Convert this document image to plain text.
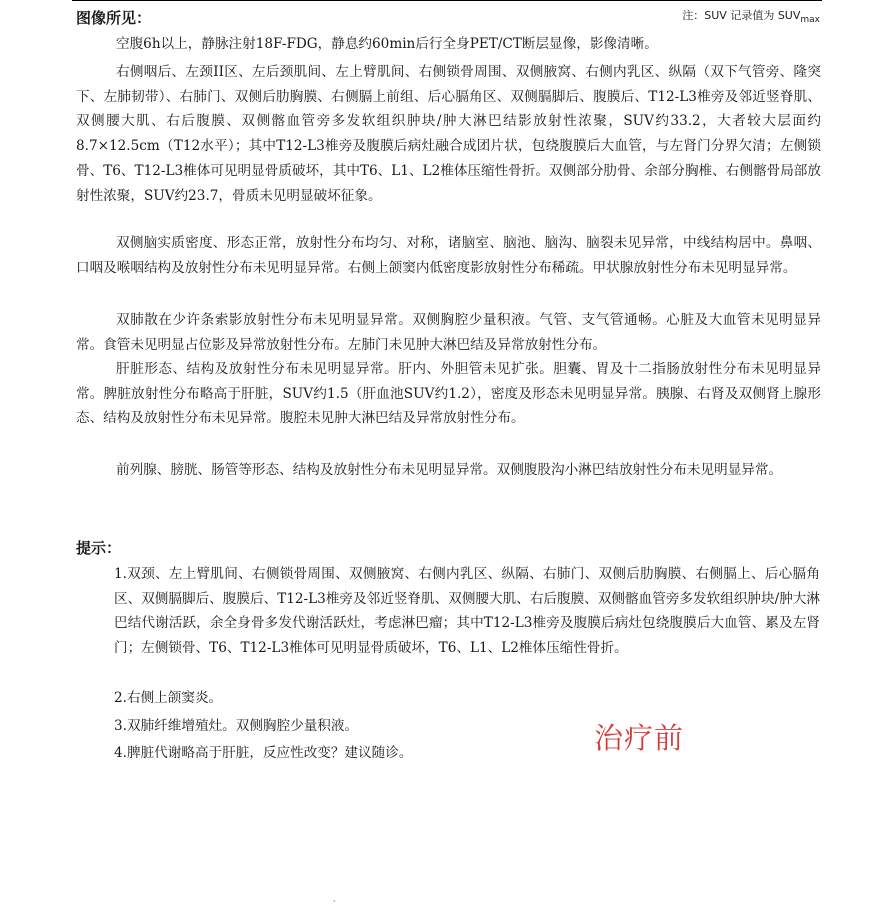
图像所见：	注：SUV 记录值为 $SUV_{max}$

空腹6h以上，静脉注射18F-FDG，静息约60min后行全身PET/CT断层显像，影像清晰。

右侧咽后、左颈II区、左后颈肌间、左上臂肌间、右侧锁骨周围、双侧腋窝、右侧内乳区、纵隔（双下气管旁、隆突下、左肺韧带）、右肺门、双侧后肋胸膜、右侧膈上前组、后心膈角区、双侧膈脚后、腹膜后、T12-L3椎旁及邻近竖脊肌、双侧腰大肌、右后腹膜、双侧髂血管旁多发软组织肿块/肿大淋巴结影放射性浓聚，SUV约33.2，大者较大层面约8.7×12.5cm（T12水平）；其中T12-L3椎旁及腹膜后病灶融合成团片状，包绕腹膜后大血管，与左肾门分界欠清；左侧锁骨、T6、T12-L3椎体可见明显骨质破坏，其中T6、L1、L2椎体压缩性骨折。双侧部分肋骨、余部分胸椎、右侧髂骨局部放射性浓聚，SUV约23.7，骨质未见明显破坏征象。

双侧脑实质密度、形态正常，放射性分布均匀、对称，诸脑室、脑池、脑沟、脑裂未见异常，中线结构居中。鼻咽、口咽及喉咽结构及放射性分布未见明显异常。右侧上颌窦内低密度影放射性分布稀疏。甲状腺放射性分布未见明显异常。

双肺散在少许条索影放射性分布未见明显异常。双侧胸腔少量积液。气管、支气管通畅。心脏及大血管未见明显异常。食管未见明显占位影及异常放射性分布。左肺门未见肿大淋巴结及异常放射性分布。

肝脏形态、结构及放射性分布未见明显异常。肝内、外胆管未见扩张。胆囊、胃及十二指肠放射性分布未见明显异常。脾脏放射性分布略高于肝脏，SUV约1.5（肝血池SUV约1.2），密度及形态未见明显异常。胰腺、右肾及双侧肾上腺形态、结构及放射性分布未见异常。腹腔未见肿大淋巴结及异常放射性分布。

前列腺、膀胱、肠管等形态、结构及放射性分布未见明显异常。双侧腹股沟小淋巴结放射性分布未见明显异常。

提示：

1.双颈、左上臂肌间、右侧锁骨周围、双侧腋窝、右侧内乳区、纵隔、右肺门、双侧后肋胸膜、右侧膈上、后心膈角区、双侧膈脚后、腹膜后、T12-L3椎旁及邻近竖脊肌、双侧腰大肌、右后腹膜、双侧髂血管旁多发软组织肿块/肿大淋巴结代谢活跃，余全身骨多发代谢活跃灶，考虑淋巴瘤；其中T12-L3椎旁及腹膜后病灶包绕腹膜后大血管、累及左肾门；左侧锁骨、T6、T12-L3椎体可见明显骨质破坏，T6、L1、L2椎体压缩性骨折。

2.右侧上颌窦炎。

3.双肺纤维增殖灶。双侧胸腔少量积液。

4.脾脏代谢略高于肝脏，反应性改变？建议随诊。	治疗前
ˊ
